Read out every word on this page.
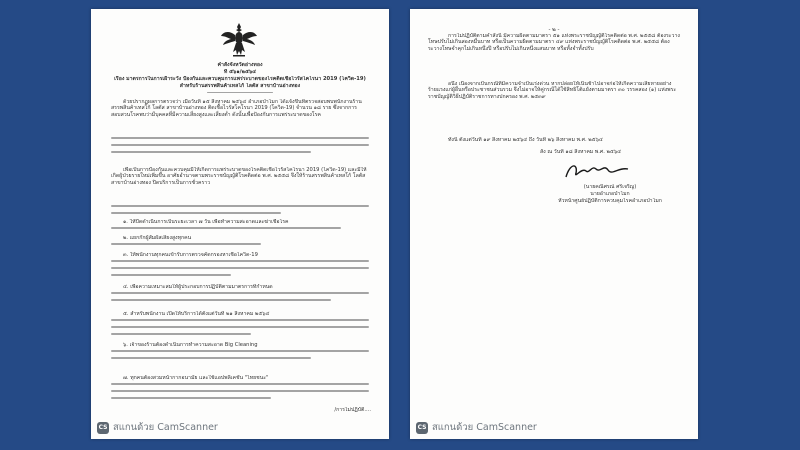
คำสั่งจังหวัดอ่างทอง

ที่ ๕๖๑/๒๕๖๔

เรื่อง มาตรการในการเฝ้าระวัง ป้องกันและควบคุมการแพร่ระบาดของโรคติดเชื้อไวรัสโคโรนา 2019 (โควิด-19)

สำหรับร้านสรรพสินค้าเทสโก้ โลตัส สาขาบ้านอ่างทอง

ด้วยปรากฏผลการตรวจว่า เมื่อวันที่ ๑๕ สิงหาคม ๒๕๖๔ อำเภอป่าโมก ได้แจ้งขึ้นที่ตรวจสอบพบพนักงานร้านสรรพสินค้าเทสโก้ โลตัส สาขาบ้านอ่างทอง ติดเชื้อไวรัสโคโรนา 2019 (โควิด-19) จำนวน ๑๘ ราย ซึ่งจากการสอบสวนโรคพบว่ามีบุคคลที่มีความเสี่ยงสูงและเสี่ยงต่ำ ดังนั้นเพื่อป้องกันการแพร่ระบาดของโรค

เพื่อเป็นการป้องกันและควบคุมมิให้เกิดการแพร่ระบาดของโรคติดเชื้อไวรัสโคโรนา 2019 (โควิด-19) และมิให้เกิดผู้ป่วยรายใหม่เพิ่มขึ้น อาศัยอำนาจตามพระราชบัญญัติโรคติดต่อ พ.ศ. ๒๕๕๘ จึงให้ร้านสรรพสินค้าเทสโก้ โลตัส สาขาบ้านอ่างทอง ปิดบริการเป็นการชั่วคราว

๑. ให้ปิดดำเนินการเป็นระยะเวลา ๗ วัน เพื่อทำความสะอาดและฆ่าเชื้อโรค

๒. แยกกักผู้สัมผัสเสี่ยงสูงทุกคน

๓. ให้พนักงานทุกคนเข้ารับการตรวจคัดกรองหาเชื้อโควิด-19

๔. เพื่อความเหมาะสมให้ผู้ประกอบการปฏิบัติตามมาตรการที่กำหนด

๕. สำหรับพนักงาน เปิดให้บริการได้ตั้งแต่วันที่ ๒๑ สิงหาคม ๒๕๖๔

๖. เจ้าของร้านต้องดำเนินการทำความสะอาด Big Cleaning

๗. ทุกคนต้องสวมหน้ากากอนามัย และใช้แอปพลิเคชัน "ไทยชนะ"

/การไม่ปฏิบัติ....

CS สแกนด้วย CamScanner

- ๒ -

การไม่ปฏิบัติตามคำสั่งนี้ มีความผิดตามมาตรา ๕๑ แห่งพระราชบัญญัติโรคติดต่อ พ.ศ. ๒๕๕๘ ต้องระวางโทษปรับไม่เกินสองหมื่นบาท หรือเป็นความผิดตามมาตรา ๔๙ แห่งพระราชบัญญัติโรคติดต่อ พ.ศ. ๒๕๕๘ ต้องระวางโทษจำคุกไม่เกินหนึ่งปี หรือปรับไม่เกินหนึ่งแสนบาท หรือทั้งจำทั้งปรับ

อนึ่ง เนื่องจากเป็นกรณีที่มีความจำเป็นเร่งด่วน หากปล่อยให้เนิ่นช้าไปอาจก่อให้เกิดความเสียหายอย่างร้ายแรงแก่ผู้อื่นหรือประชาชนส่วนรวม จึงไม่อาจให้คู่กรณีได้ใช้สิทธิโต้แย้งตามมาตรา ๓๐ วรรคสอง (๑) แห่งพระราชบัญญัติวิธีปฏิบัติราชการทางปกครอง พ.ศ. ๒๕๓๙

ทั้งนี้ ตั้งแต่วันที่ ๑๙ สิงหาคม ๒๕๖๔ ถึง วันที่ ๒๖ สิงหาคม พ.ศ. ๒๕๖๔

สั่ง ณ วันที่ ๑๘ สิงหาคม พ.ศ. ๒๕๖๔

(นายคณิศรณ์ ศรีเจริญ)

นายอำเภอป่าโมก

หัวหน้าศูนย์ปฏิบัติการควบคุมโรคอำเภอป่าโมก

CS สแกนด้วย CamScanner
